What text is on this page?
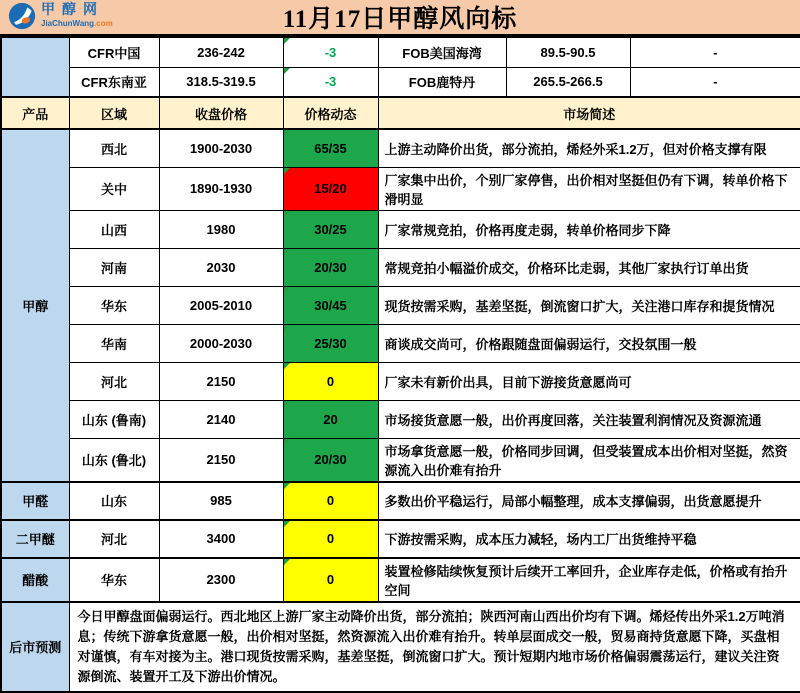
甲醇网
JiaChunWang.com	11月17日甲醇风向标
	CFR中国	236-242	-3	FOB美国海湾	89.5-90.5	-
	CFR东南亚	318.5-319.5	-3	FOB鹿特丹	265.5-266.5	-
产品	区域	收盘价格	价格动态	市场简述		
甲醇	西北	1900-2030	65/35	上游主动降价出货，部分流拍，烯烃外采1.2万，但对价格支撑有限		
	关中	1890-1930	15/20	厂家集中出价，个别厂家停售，出价相对坚挺但仍有下调，转单价格下滑明显		
	山西	1980	30/25	厂家常规竞拍，价格再度走弱，转单价格同步下降		
	河南	2030	20/30	常规竞拍小幅溢价成交，价格环比走弱，其他厂家执行订单出货		
	华东	2005-2010	30/45	现货按需采购，基差坚挺，倒流窗口扩大，关注港口库存和提货情况		
	华南	2000-2030	25/30	商谈成交尚可，价格跟随盘面偏弱运行，交投氛围一般		
	河北	2150	0	厂家未有新价出具，目前下游接货意愿尚可		
	山东 (鲁南)	2140	20	市场接货意愿一般，出价再度回落，关注装置利润情况及资源流通		
	山东 (鲁北)	2150	20/30	市场拿货意愿一般，价格同步回调，但受装置成本出价相对坚挺，然资源流入出价难有抬升		
甲醛	山东	985	0	多数出价平稳运行，局部小幅整理，成本支撑偏弱，出货意愿提升		
二甲醚	河北	3400	0	下游按需采购，成本压力减轻，场内工厂出货维持平稳		
醋酸	华东	2300	0	装置检修陆续恢复预计后续开工率回升，企业库存走低，价格或有抬升空间		
后市预测	今日甲醇盘面偏弱运行。西北地区上游厂家主动降价出货，部分流拍；陕西河南山西出价均有下调。烯烃传出外采1.2万吨消息；传统下游拿货意愿一般，出价相对坚挺，然资源流入出价难有抬升。转单层面成交一般，贸易商持货意愿下降，买盘相对谨慎，有车对接为主。港口现货按需采购，基差坚挺，倒流窗口扩大。预计短期内地市场价格偏弱震荡运行，建议关注资源倒流、装置开工及下游出价情况。					
